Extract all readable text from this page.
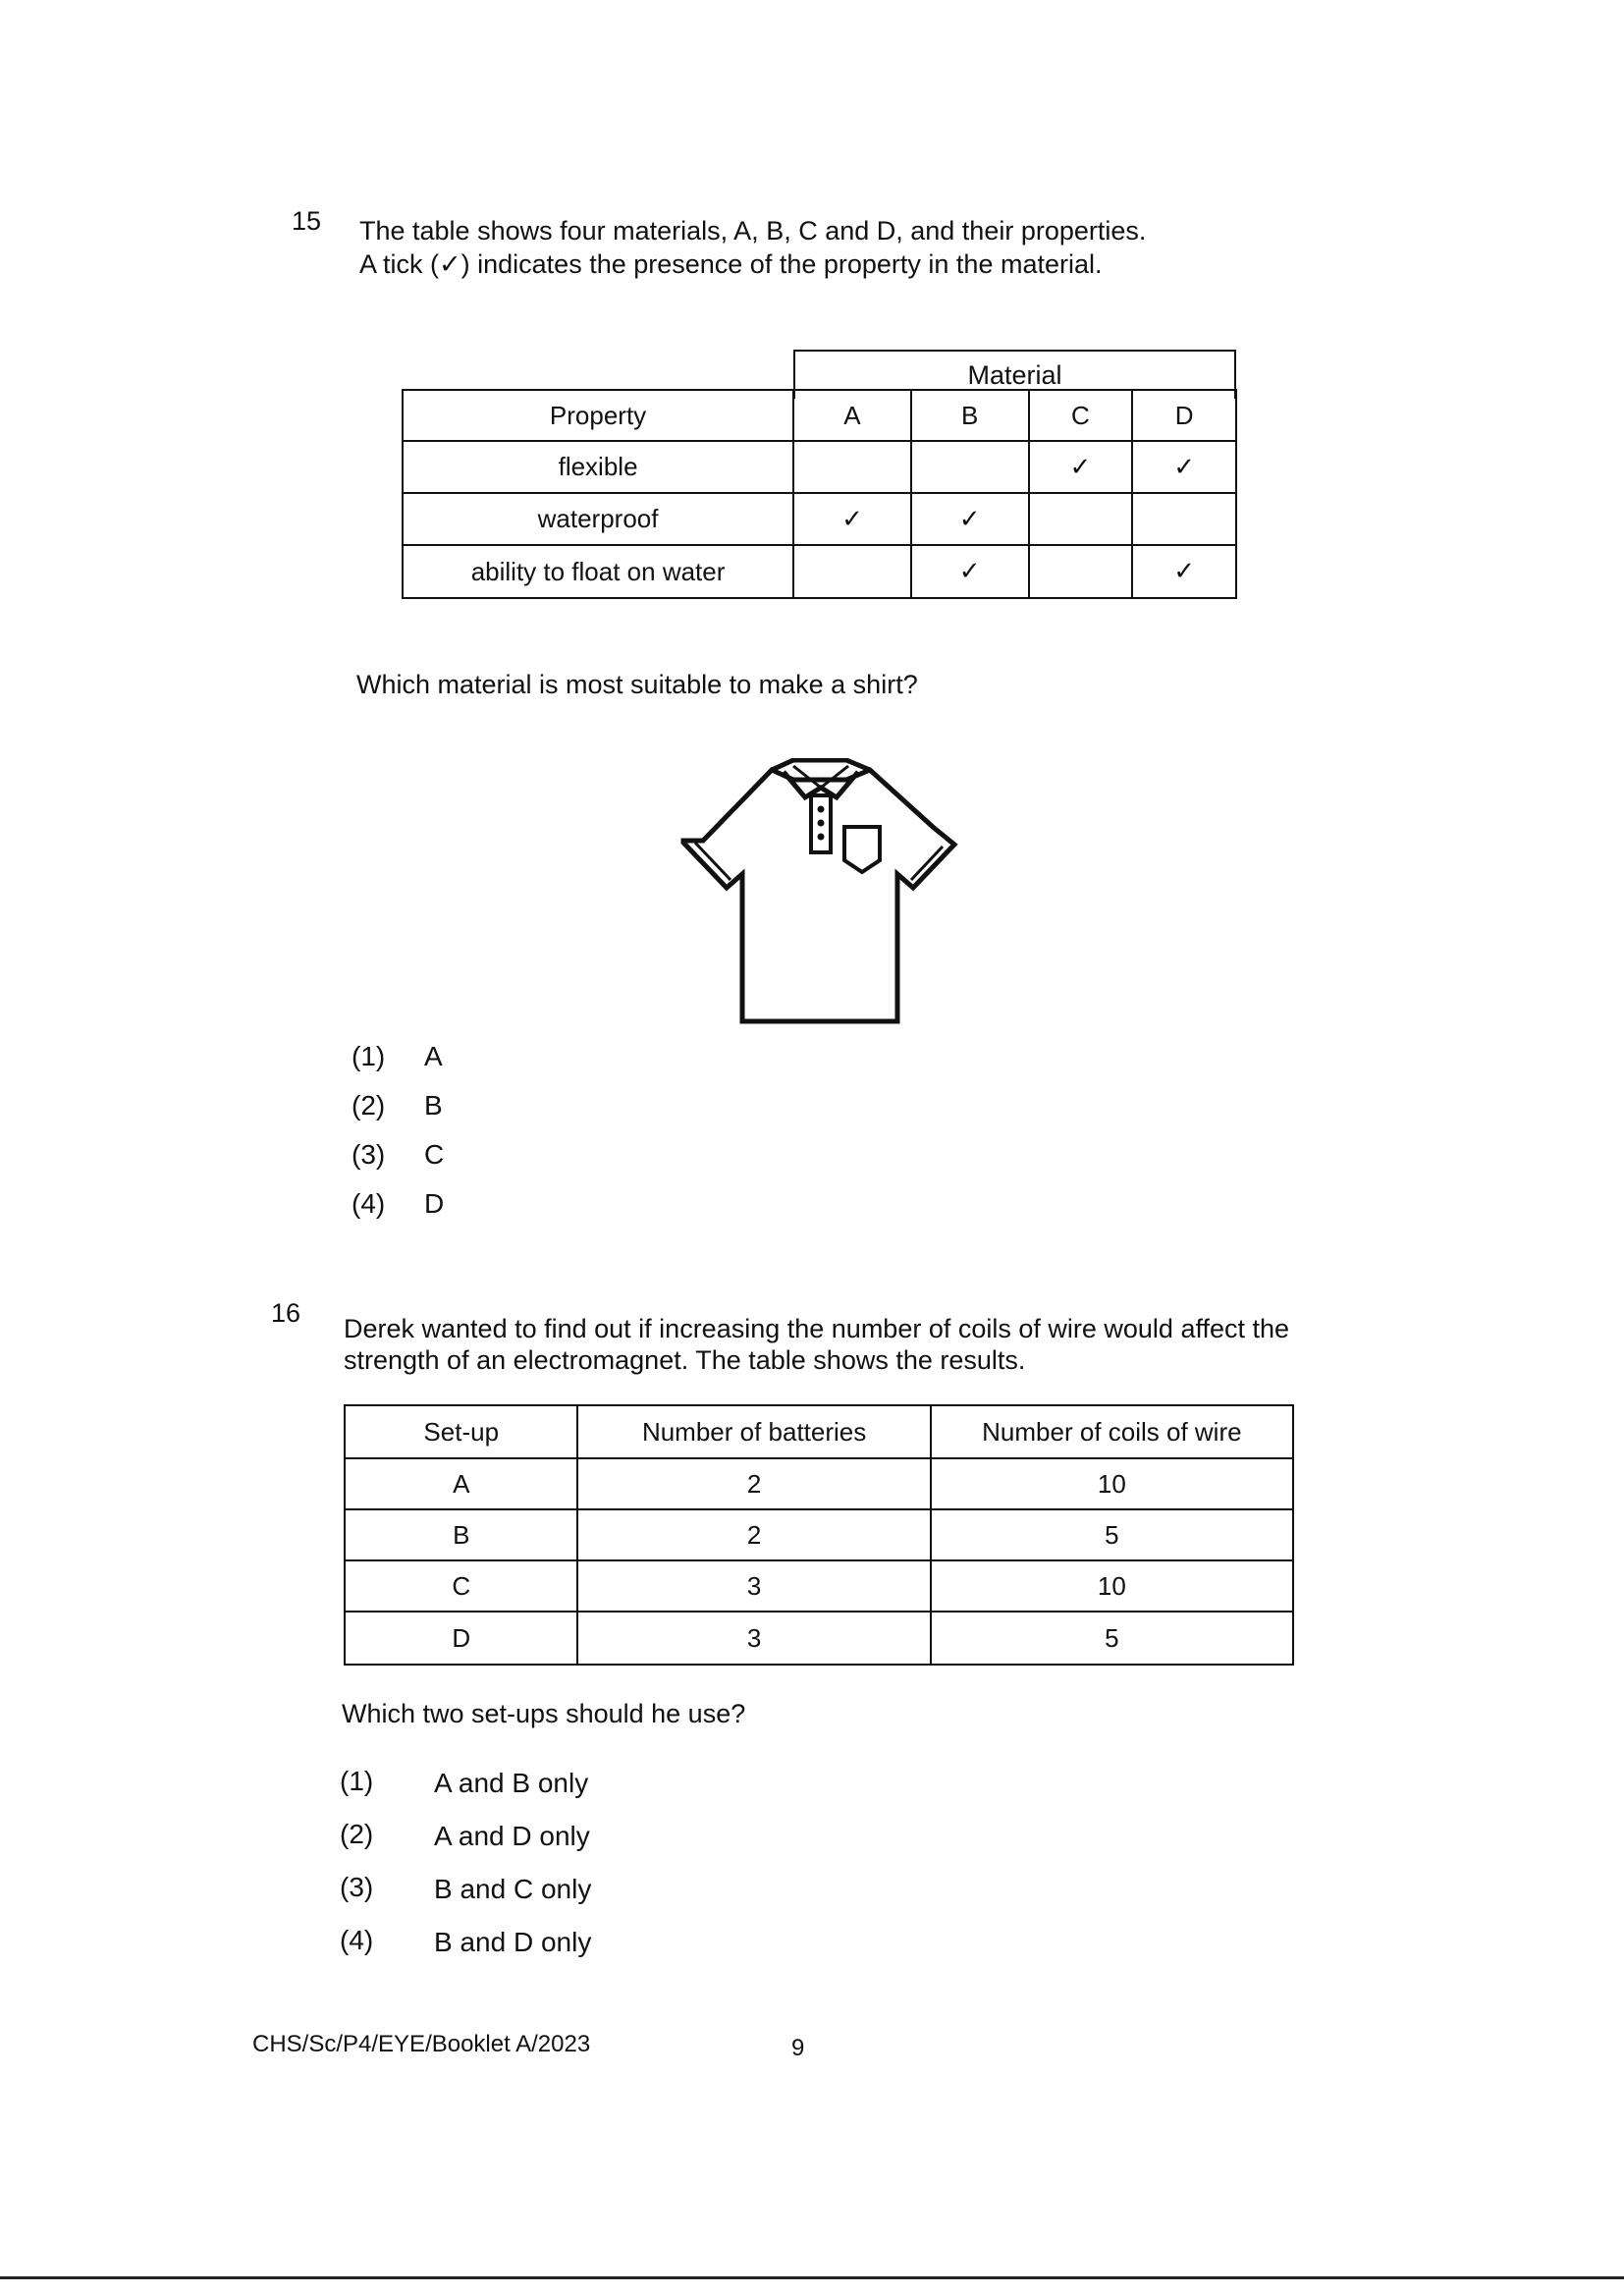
15 The table shows four materials, A, B, C and D, and their properties.
A tick (✓) indicates the presence of the property in the material.
Material
Property	A	B	C	D
flexible			✓	✓
waterproof	✓	✓		
ability to float on water		✓		✓
Which material is most suitable to make a shirt?
(1) A
(2) B
(3) C
(4) D
16
Derek wanted to find out if increasing the number of coils of wire would affect the
strength of an electromagnet. The table shows the results.
Set-up	Number of batteries	Number of coils of wire
A	2	10
B	2	5
C	3	10
D	3	5
Which two set-ups should he use?
(1) A and B only
(2) A and D only
(3) B and C only
(4) B and D only
CHS/Sc/P4/EYE/Booklet A/2023	9
